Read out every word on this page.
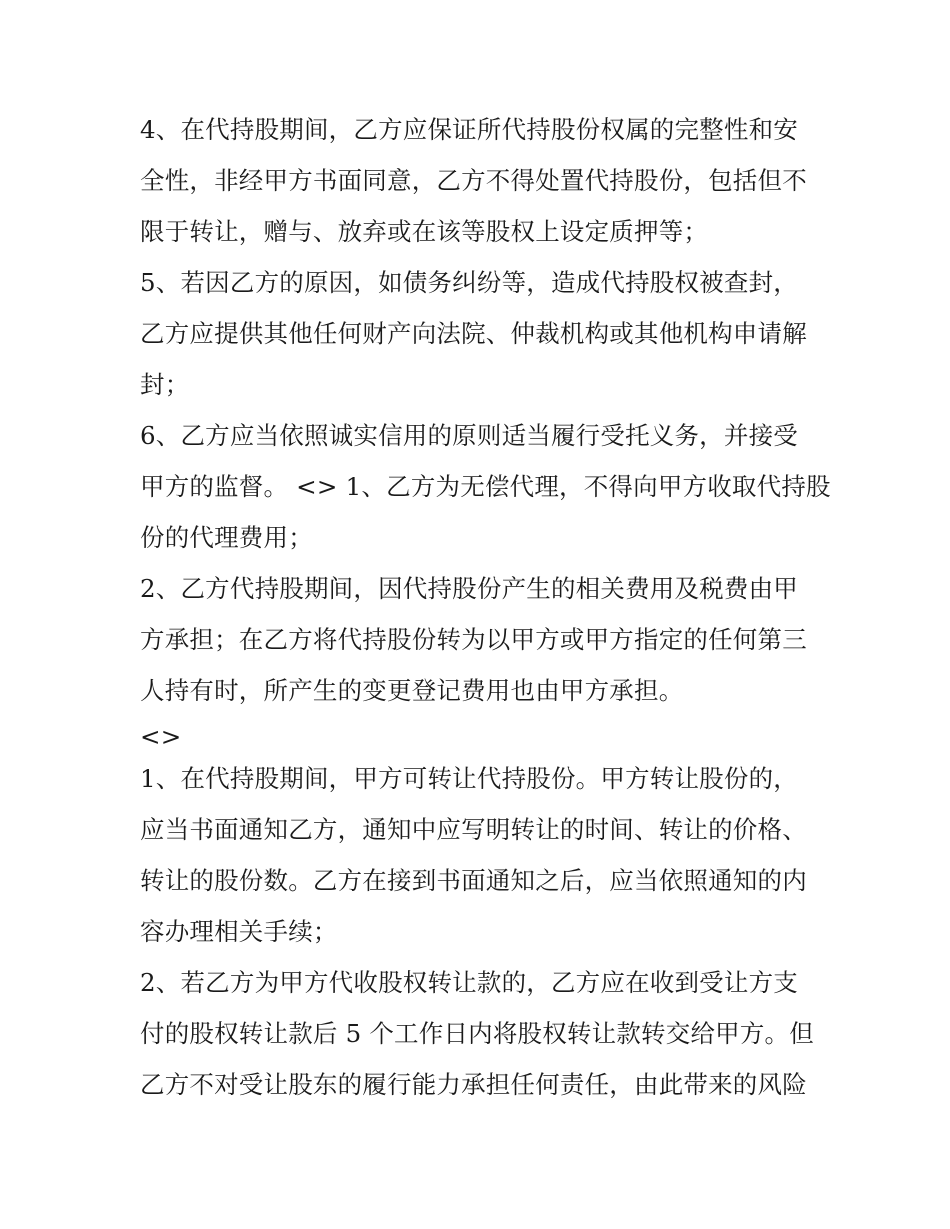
4、在代持股期间，乙方应保证所代持股份权属的完整性和安
全性，非经甲方书面同意，乙方不得处置代持股份，包括但不
限于转让，赠与、放弃或在该等股权上设定质押等；
5、若因乙方的原因，如债务纠纷等，造成代持股权被查封，
乙方应提供其他任何财产向法院、仲裁机构或其他机构申请解
封；
6、乙方应当依照诚实信用的原则适当履行受托义务，并接受
甲方的监督。 <> 1、乙方为无偿代理，不得向甲方收取代持股
份的代理费用；
2、乙方代持股期间，因代持股份产生的相关费用及税费由甲
方承担；在乙方将代持股份转为以甲方或甲方指定的任何第三
人持有时，所产生的变更登记费用也由甲方承担。
<>
1、在代持股期间，甲方可转让代持股份。甲方转让股份的，
应当书面通知乙方，通知中应写明转让的时间、转让的价格、
转让的股份数。乙方在接到书面通知之后，应当依照通知的内
容办理相关手续；
2、若乙方为甲方代收股权转让款的，乙方应在收到受让方支
付的股权转让款后 5 个工作日内将股权转让款转交给甲方。但
乙方不对受让股东的履行能力承担任何责任，由此带来的风险
